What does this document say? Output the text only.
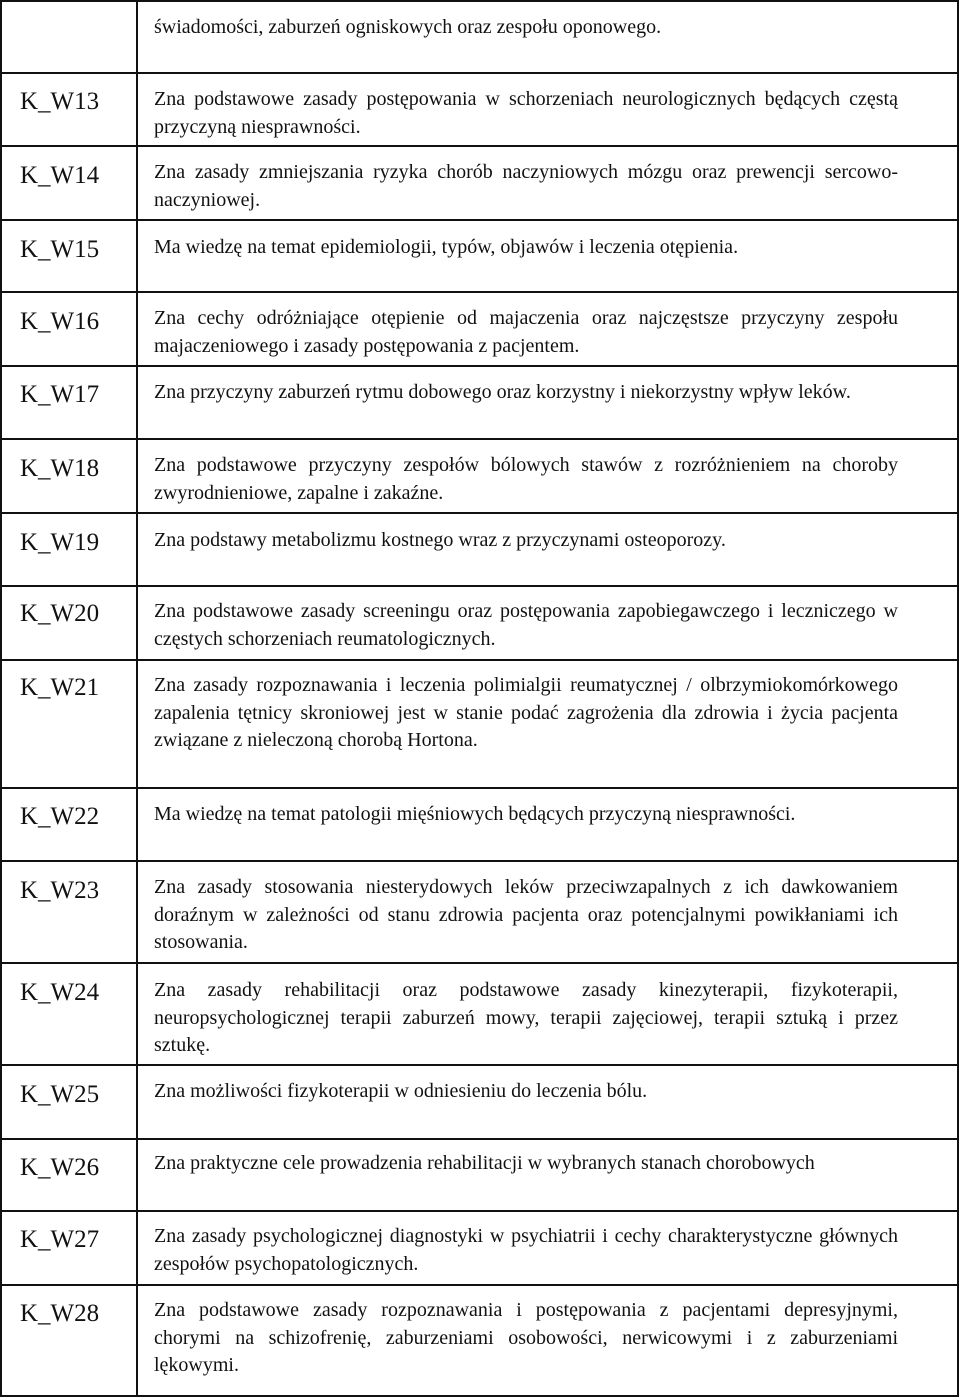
świadomości, zaburzeń ogniskowych oraz zespołu oponowego.
K_W13	Zna podstawowe zasady postępowania w schorzeniach neurologicznych będących częstą przyczyną niesprawności.
K_W14	Zna zasady zmniejszania ryzyka chorób naczyniowych mózgu oraz prewencji sercowo-naczyniowej.
K_W15	Ma wiedzę na temat epidemiologii, typów, objawów i leczenia otępienia.
K_W16	Zna cechy odróżniające otępienie od majaczenia oraz najczęstsze przyczyny zespołu majaczeniowego i zasady postępowania z pacjentem.
K_W17	Zna przyczyny zaburzeń rytmu dobowego oraz korzystny i niekorzystny wpływ leków.
K_W18	Zna podstawowe przyczyny zespołów bólowych stawów z rozróżnieniem na choroby zwyrodnieniowe, zapalne i zakaźne.
K_W19	Zna podstawy metabolizmu kostnego wraz z przyczynami osteoporozy.
K_W20	Zna podstawowe zasady screeningu oraz postępowania zapobiegawczego i leczniczego w częstych schorzeniach reumatologicznych.
K_W21	Zna zasady rozpoznawania i leczenia polimialgii reumatycznej / olbrzymiokomórkowego zapalenia tętnicy skroniowej jest w stanie podać zagrożenia dla zdrowia i życia pacjenta związane z nieleczoną chorobą Hortona.
K_W22	Ma wiedzę na temat patologii mięśniowych będących przyczyną niesprawności.
K_W23	Zna zasady stosowania niesterydowych leków przeciwzapalnych z ich dawkowaniem doraźnym w zależności od stanu zdrowia pacjenta oraz potencjalnymi powikłaniami ich stosowania.
K_W24	Zna zasady rehabilitacji oraz podstawowe zasady kinezyterapii, fizykoterapii, neuropsychologicznej terapii zaburzeń mowy, terapii zajęciowej, terapii sztuką i przez sztukę.
K_W25	Zna możliwości fizykoterapii w odniesieniu do leczenia bólu.
K_W26	Zna praktyczne cele prowadzenia rehabilitacji w wybranych stanach chorobowych
K_W27	Zna zasady psychologicznej diagnostyki w psychiatrii i cechy charakterystyczne głównych zespołów psychopatologicznych.
K_W28	Zna podstawowe zasady rozpoznawania i postępowania z pacjentami depresyjnymi, chorymi na schizofrenię, zaburzeniami osobowości, nerwicowymi i z zaburzeniami lękowymi.
